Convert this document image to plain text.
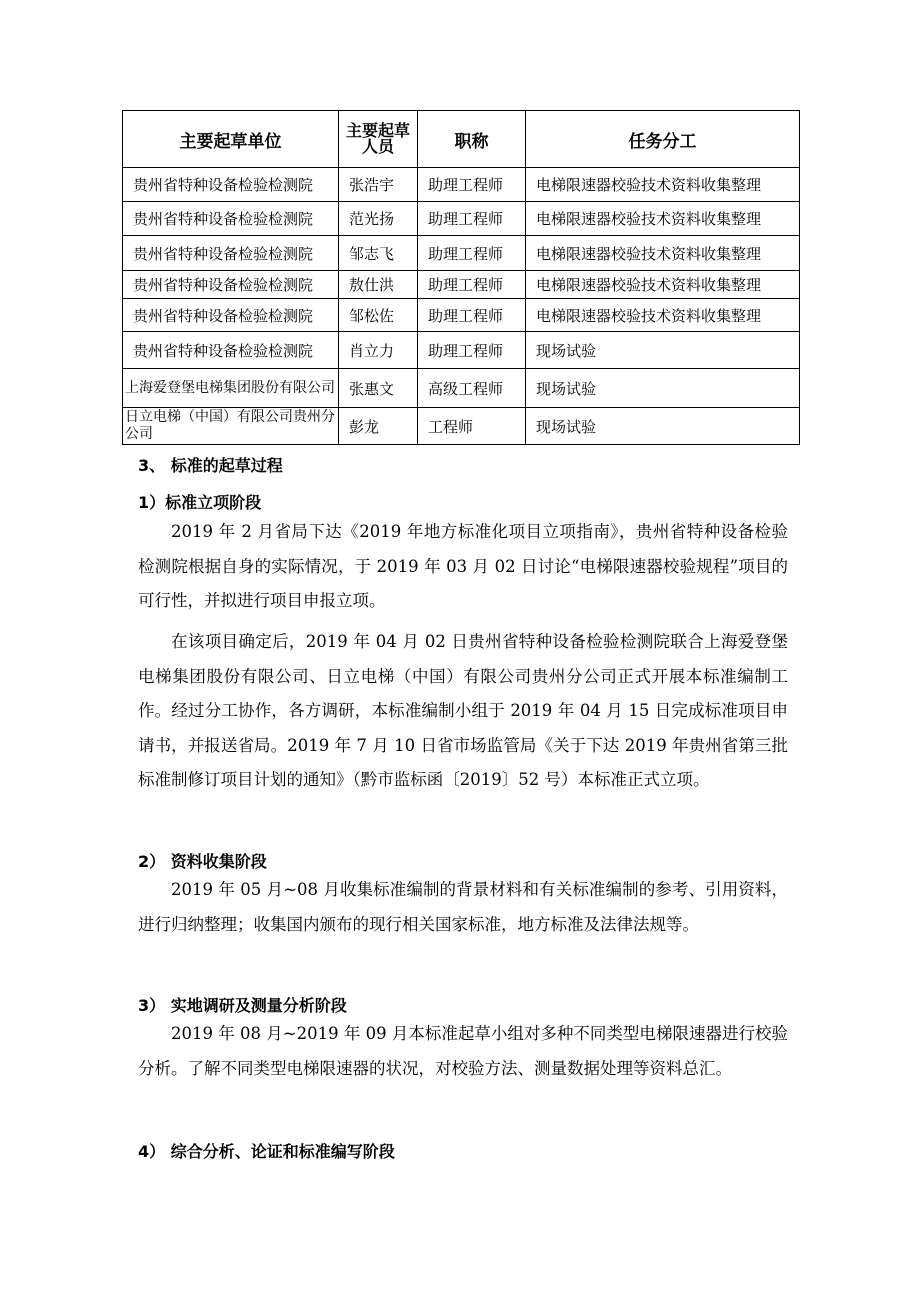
主要起草单位	主要起草人员	职称	任务分工
贵州省特种设备检验检测院	张浩宇	助理工程师	电梯限速器校验技术资料收集整理
贵州省特种设备检验检测院	范光扬	助理工程师	电梯限速器校验技术资料收集整理
贵州省特种设备检验检测院	邹志飞	助理工程师	电梯限速器校验技术资料收集整理
贵州省特种设备检验检测院	敖仕洪	助理工程师	电梯限速器校验技术资料收集整理
贵州省特种设备检验检测院	邹松佐	助理工程师	电梯限速器校验技术资料收集整理
贵州省特种设备检验检测院	肖立力	助理工程师	现场试验
上海爱登堡电梯集团股份有限公司	张惠文	高级工程师	现场试验
日立电梯（中国）有限公司贵州分公司	彭龙	工程师	现场试验

3、 标准的起草过程

1）标准立项阶段

2019 年 2 月省局下达《2019 年地方标准化项目立项指南》，贵州省特种设备检验检测院根据自身的实际情况，于 2019 年 03 月 02 日讨论“电梯限速器校验规程”项目的可行性，并拟进行项目申报立项。

在该项目确定后，2019 年 04 月 02 日贵州省特种设备检验检测院联合上海爱登堡电梯集团股份有限公司、日立电梯（中国）有限公司贵州分公司正式开展本标准编制工作。经过分工协作，各方调研，本标准编制小组于 2019 年 04 月 15 日完成标准项目申请书，并报送省局。2019 年 7 月 10 日省市场监管局《关于下达 2019 年贵州省第三批标准制修订项目计划的通知》（黔市监标函〔2019〕52 号）本标准正式立项。

2） 资料收集阶段

2019 年 05 月~08 月收集标准编制的背景材料和有关标准编制的参考、引用资料，进行归纳整理；收集国内颁布的现行相关国家标准，地方标准及法律法规等。

3） 实地调研及测量分析阶段

2019 年 08 月~2019 年 09 月本标准起草小组对多种不同类型电梯限速器进行校验分析。了解不同类型电梯限速器的状况，对校验方法、测量数据处理等资料总汇。

4） 综合分析、论证和标准编写阶段
